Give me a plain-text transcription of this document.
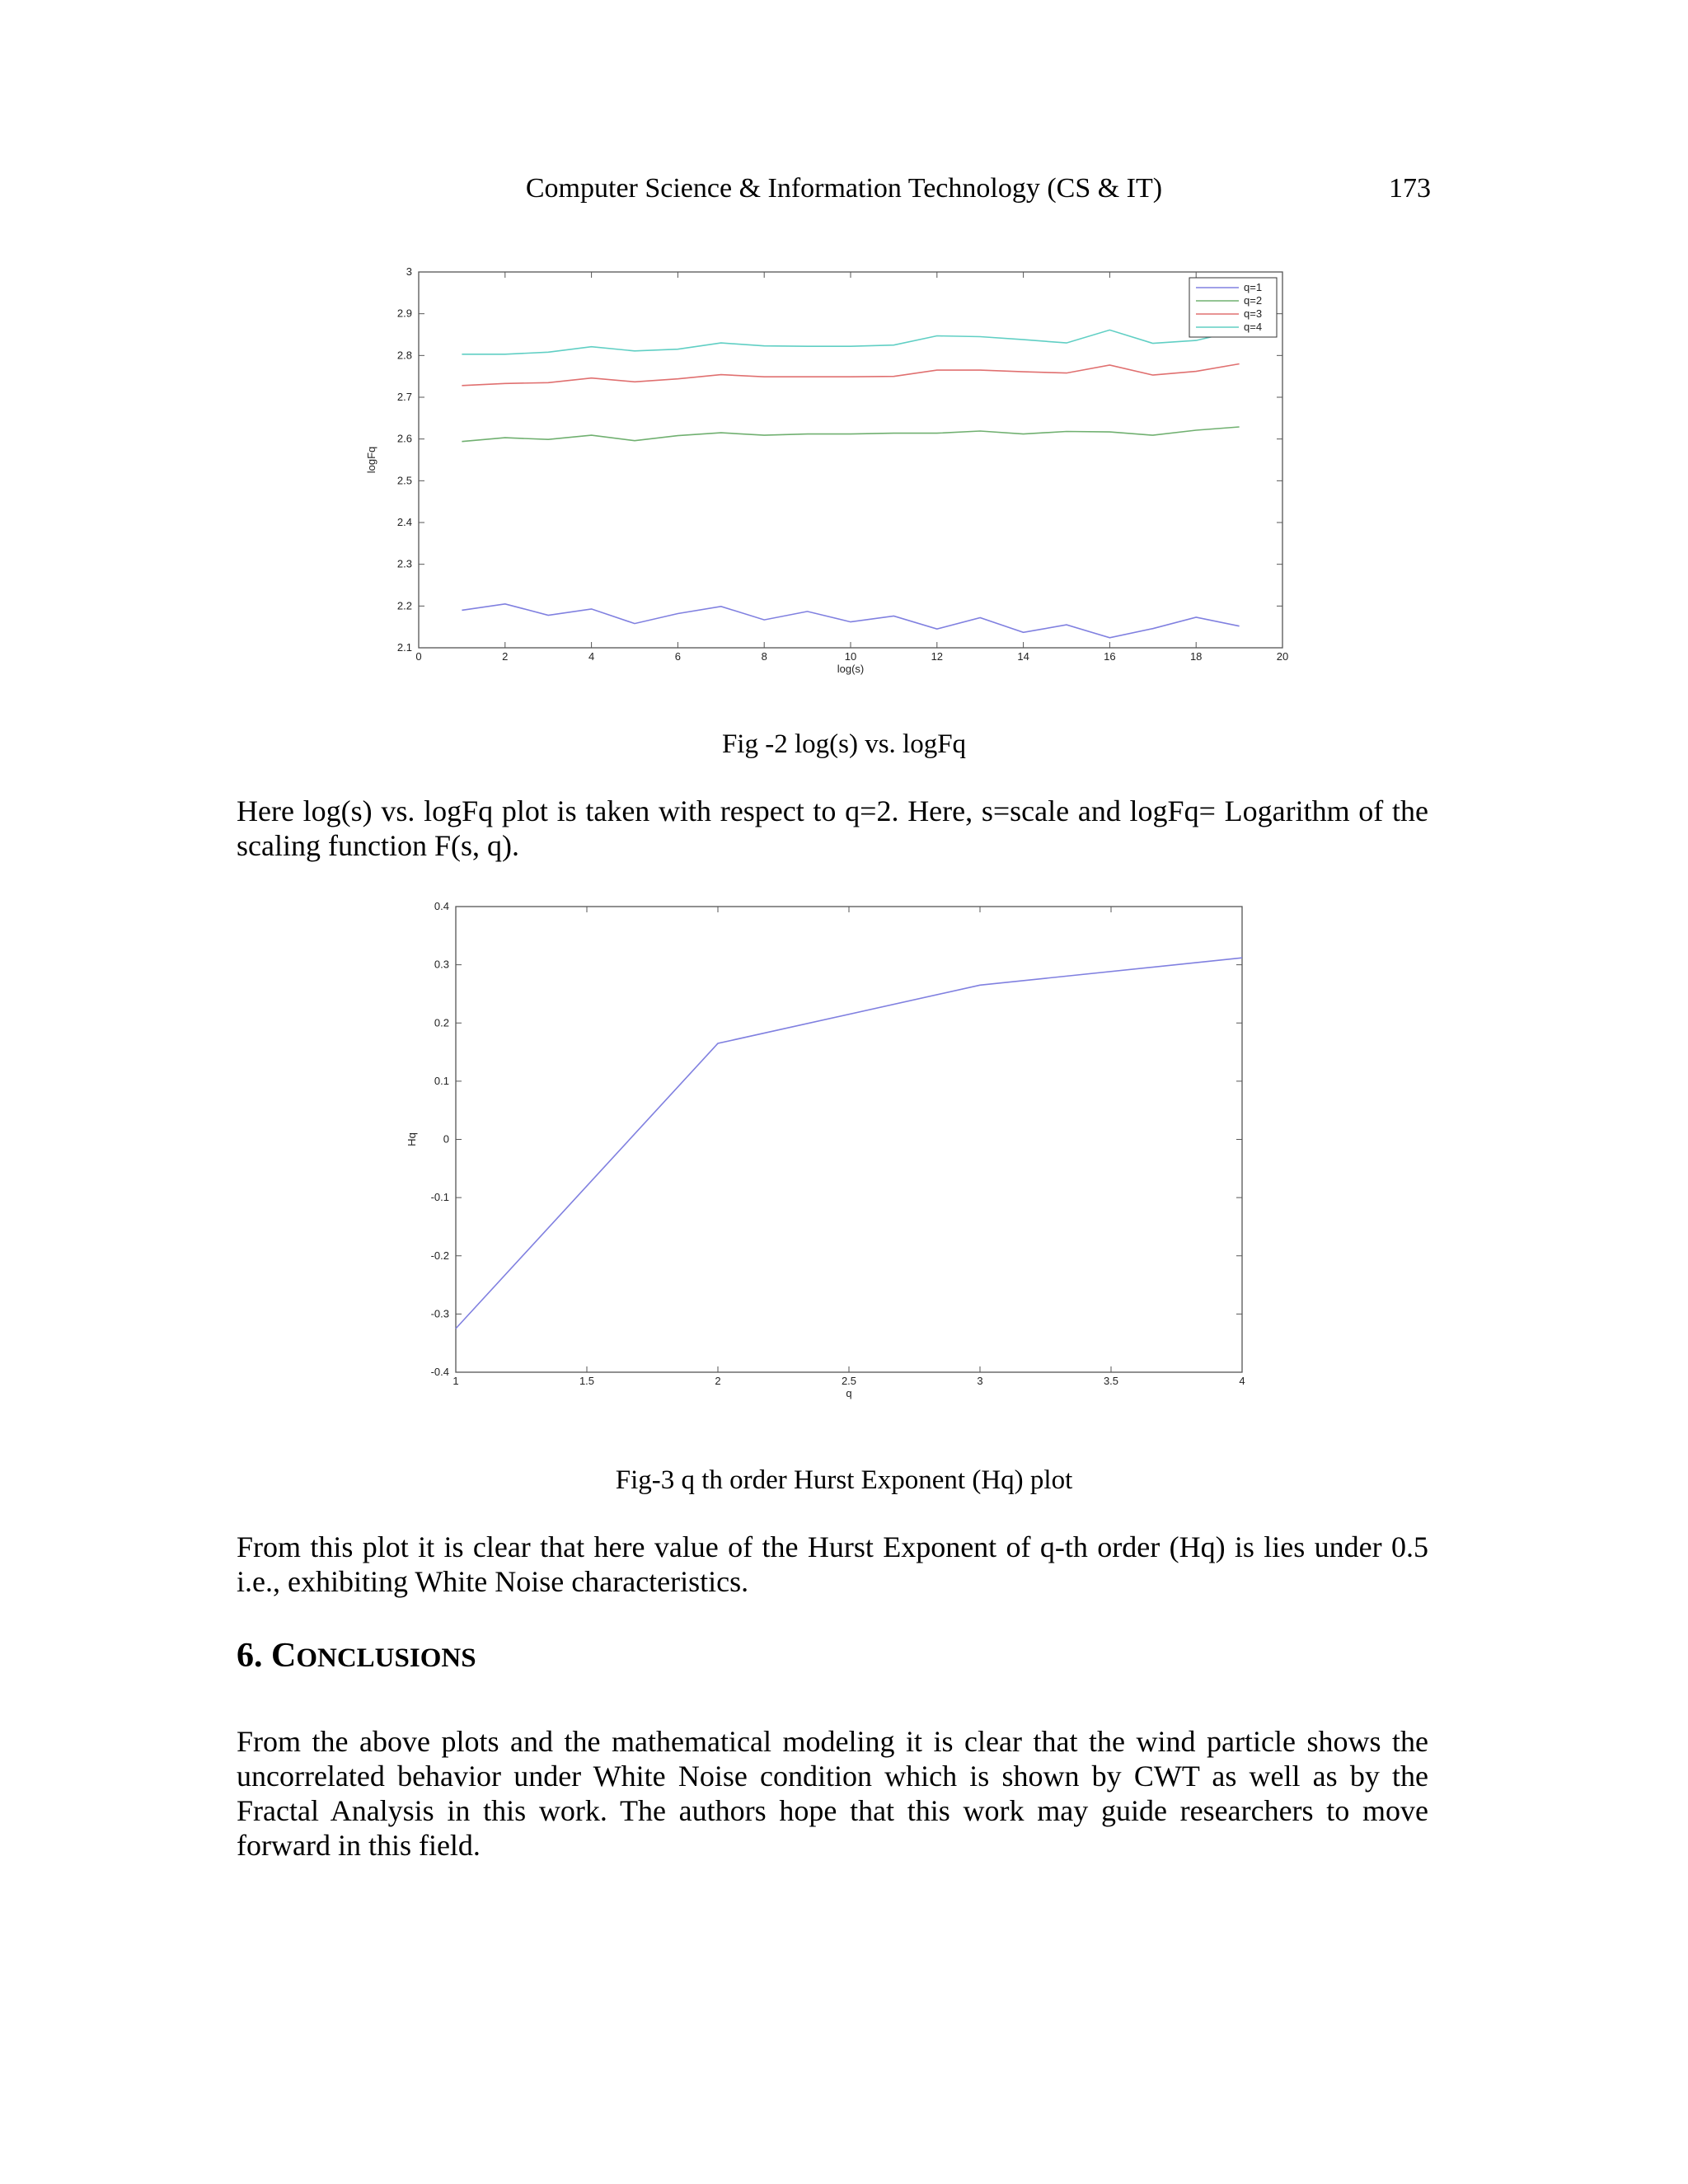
Computer Science & Information Technology (CS & IT)	173
0	2	4	6	8	10	12	14	16	18	20
2.1
2.2
2.3
2.4
2.5
2.6
2.7
2.8
2.9
3
log(s)
logFq
q=1
q=2
q=3
q=4
Fig -2 log(s) vs. logFq
Here log(s) vs. logFq plot is taken with respect to q=2. Here, s=scale and logFq= Logarithm of the scaling function F(s, q).
1	1.5	2	2.5	3	3.5	4
-0.4
-0.3
-0.2
-0.1
0
0.1
0.2
0.3
0.4
q
Hq
Fig-3 q th order Hurst Exponent (Hq) plot
From this plot it is clear that here value of the Hurst Exponent of q-th order (Hq) is lies under 0.5 i.e., exhibiting White Noise characteristics.
6. CONCLUSIONS
From the above plots and the mathematical modeling it is clear that the wind particle shows the uncorrelated behavior under White Noise condition which is shown by CWT as well as by the Fractal Analysis in this work. The authors hope that this work may guide researchers to move forward in this field.
